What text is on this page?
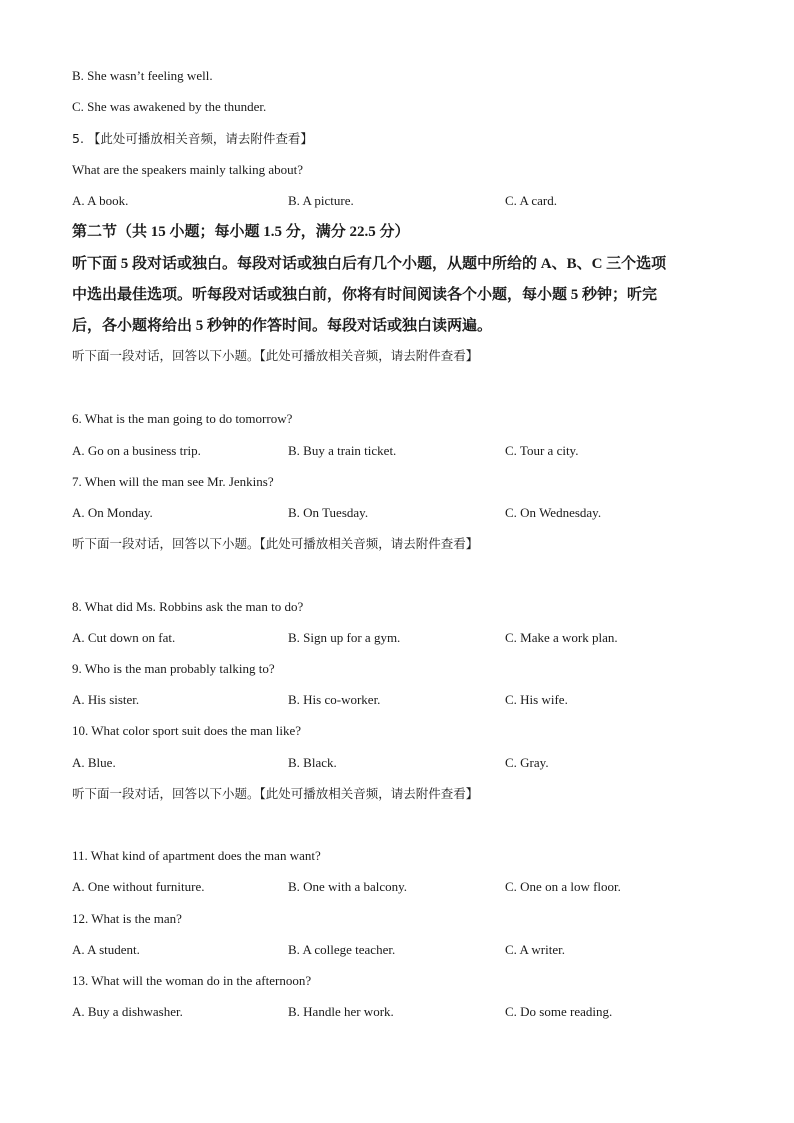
B. She wasn’t feeling well.
C. She was awakened by the thunder.
5. 【此处可播放相关音频，请去附件查看】
What are the speakers mainly talking about?
A. A book.	B. A picture.	C. A card.
第二节（共 15 小题；每小题 1.5 分，满分 22.5 分）
听下面 5 段对话或独白。每段对话或独白后有几个小题，从题中所给的 A、B、C 三个选项
中选出最佳选项。听每段对话或独白前，你将有时间阅读各个小题，每小题 5 秒钟；听完
后，各小题将给出 5 秒钟的作答时间。每段对话或独白读两遍。
听下面一段对话，回答以下小题。【此处可播放相关音频，请去附件查看】
6. What is the man going to do tomorrow?
A. Go on a business trip.	B. Buy a train ticket.	C. Tour a city.
7. When will the man see Mr. Jenkins?
A. On Monday.	B. On Tuesday.	C. On Wednesday.
听下面一段对话，回答以下小题。【此处可播放相关音频，请去附件查看】
8. What did Ms. Robbins ask the man to do?
A. Cut down on fat.	B. Sign up for a gym.	C. Make a work plan.
9. Who is the man probably talking to?
A. His sister.	B. His co-worker.	C. His wife.
10. What color sport suit does the man like?
A. Blue.	B. Black.	C. Gray.
听下面一段对话，回答以下小题。【此处可播放相关音频，请去附件查看】
11. What kind of apartment does the man want?
A. One without furniture.	B. One with a balcony.	C. One on a low floor.
12. What is the man?
A. A student.	B. A college teacher.	C. A writer.
13. What will the woman do in the afternoon?
A. Buy a dishwasher.	B. Handle her work.	C. Do some reading.
